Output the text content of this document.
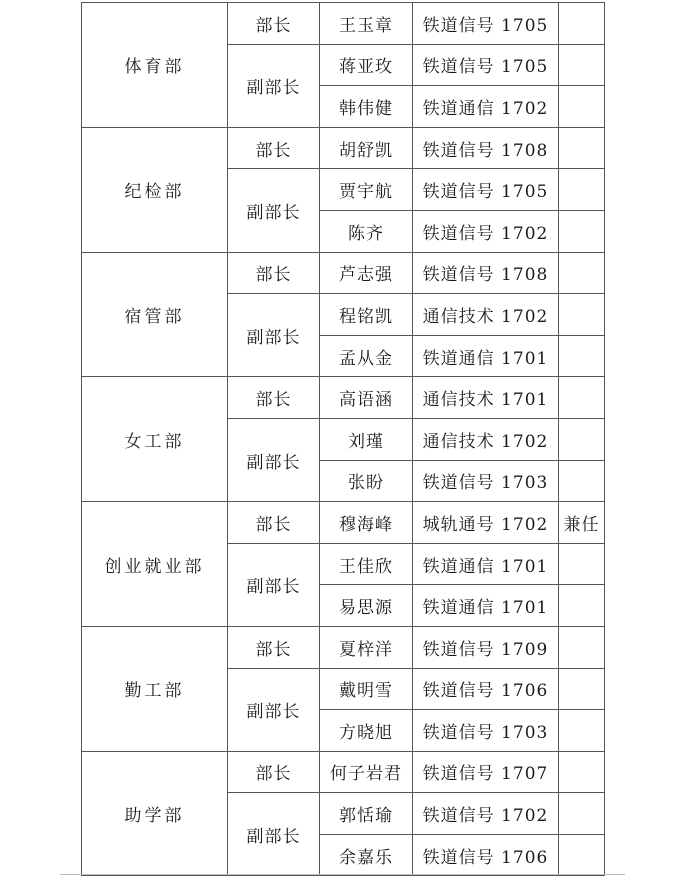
体育部	部长	王玉章	铁道信号 1705	
	副部长	蒋亚玫	铁道信号 1705	
		韩伟健	铁道通信 1702	
纪检部	部长	胡舒凯	铁道信号 1708	
	副部长	贾宇航	铁道信号 1705	
		陈齐	铁道信号 1702	
宿管部	部长	芦志强	铁道信号 1708	
	副部长	程铭凯	通信技术 1702	
		孟从金	铁道通信 1701	
女工部	部长	高语涵	通信技术 1701	
	副部长	刘瑾	通信技术 1702	
		张盼	铁道信号 1703	
创业就业部	部长	穆海峰	城轨通号 1702	兼任
	副部长	王佳欣	铁道通信 1701	
		易思源	铁道通信 1701	
勤工部	部长	夏梓洋	铁道信号 1709	
	副部长	戴明雪	铁道信号 1706	
		方晓旭	铁道信号 1703	
助学部	部长	何子岩君	铁道信号 1707	
	副部长	郭恬瑜	铁道信号 1702	
		余嘉乐	铁道信号 1706	
